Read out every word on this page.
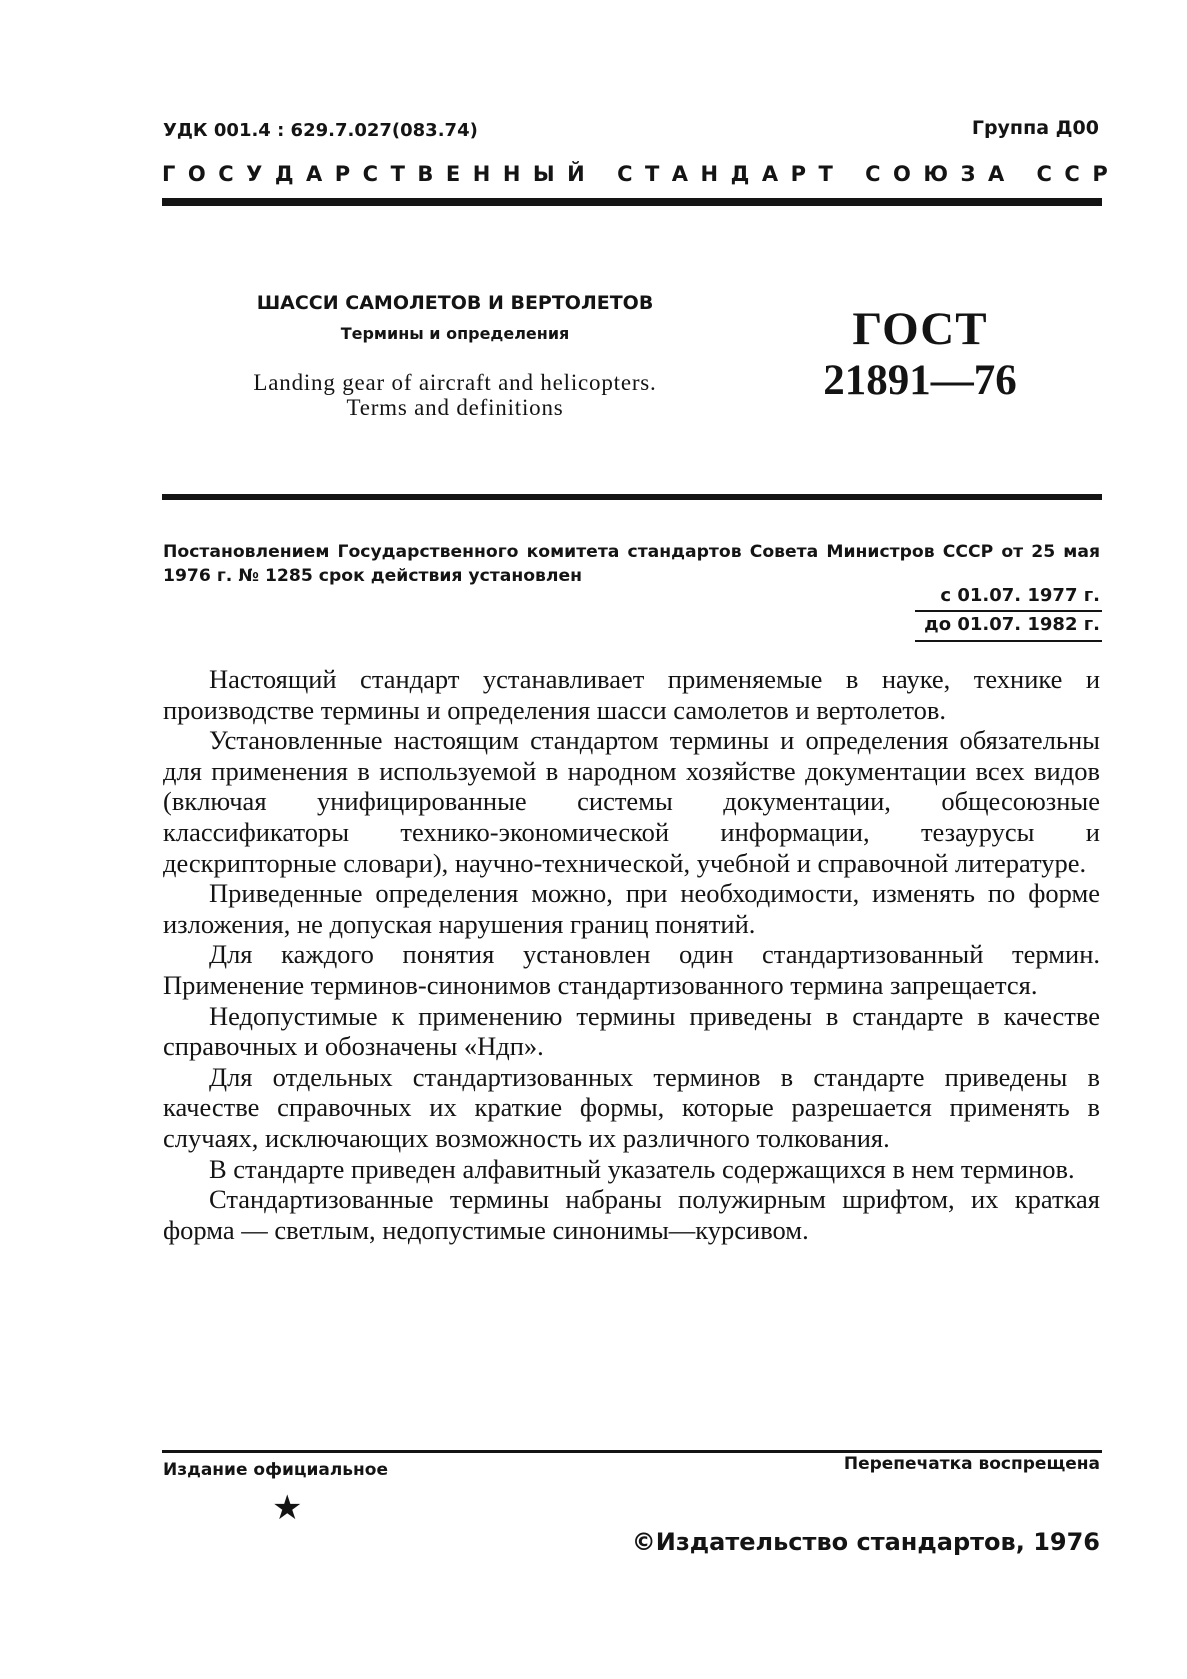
УДК 001.4 : 629.7.027(083.74)	Группа Д00
ГОСУДАРСТВЕННЫЙ СТАНДАРТ СОЮЗА ССР
ШАССИ САМОЛЕТОВ И ВЕРТОЛЕТОВ
Термины и определения
Landing gear of aircraft and helicopters.
Terms and definitions
ГОСТ
21891—76
Постановлением Государственного комитета стандартов Совета Министров СССР от 25 мая 1976 г. № 1285 срок действия установлен
с 01.07. 1977 г.
до 01.07. 1982 г.

Настоящий стандарт устанавливает применяемые в науке, технике и производстве термины и определения шасси самолетов и вертолетов.

Установленные настоящим стандартом термины и определения обязательны для применения в используемой в народном хозяйстве документации всех видов (включая унифицированные системы документации, общесоюзные классификаторы технико-экономической информации, тезаурусы и дескрипторные словари), научно-технической, учебной и справочной литературе.

Приведенные определения можно, при необходимости, изменять по форме изложения, не допуская нарушения границ понятий.

Для каждого понятия установлен один стандартизованный термин. Применение терминов-синонимов стандартизованного термина запрещается.

Недопустимые к применению термины приведены в стандарте в качестве справочных и обозначены «Ндп».

Для отдельных стандартизованных терминов в стандарте приведены в качестве справочных их краткие формы, которые разрешается применять в случаях, исключающих возможность их различного толкования.

В стандарте приведен алфавитный указатель содержащихся в нем терминов.

Стандартизованные термины набраны полужирным шрифтом, их краткая форма — светлым, недопустимые синонимы—курсивом.

Издание официальное	Перепечатка воспрещена
★
©Издательство стандартов, 1976
